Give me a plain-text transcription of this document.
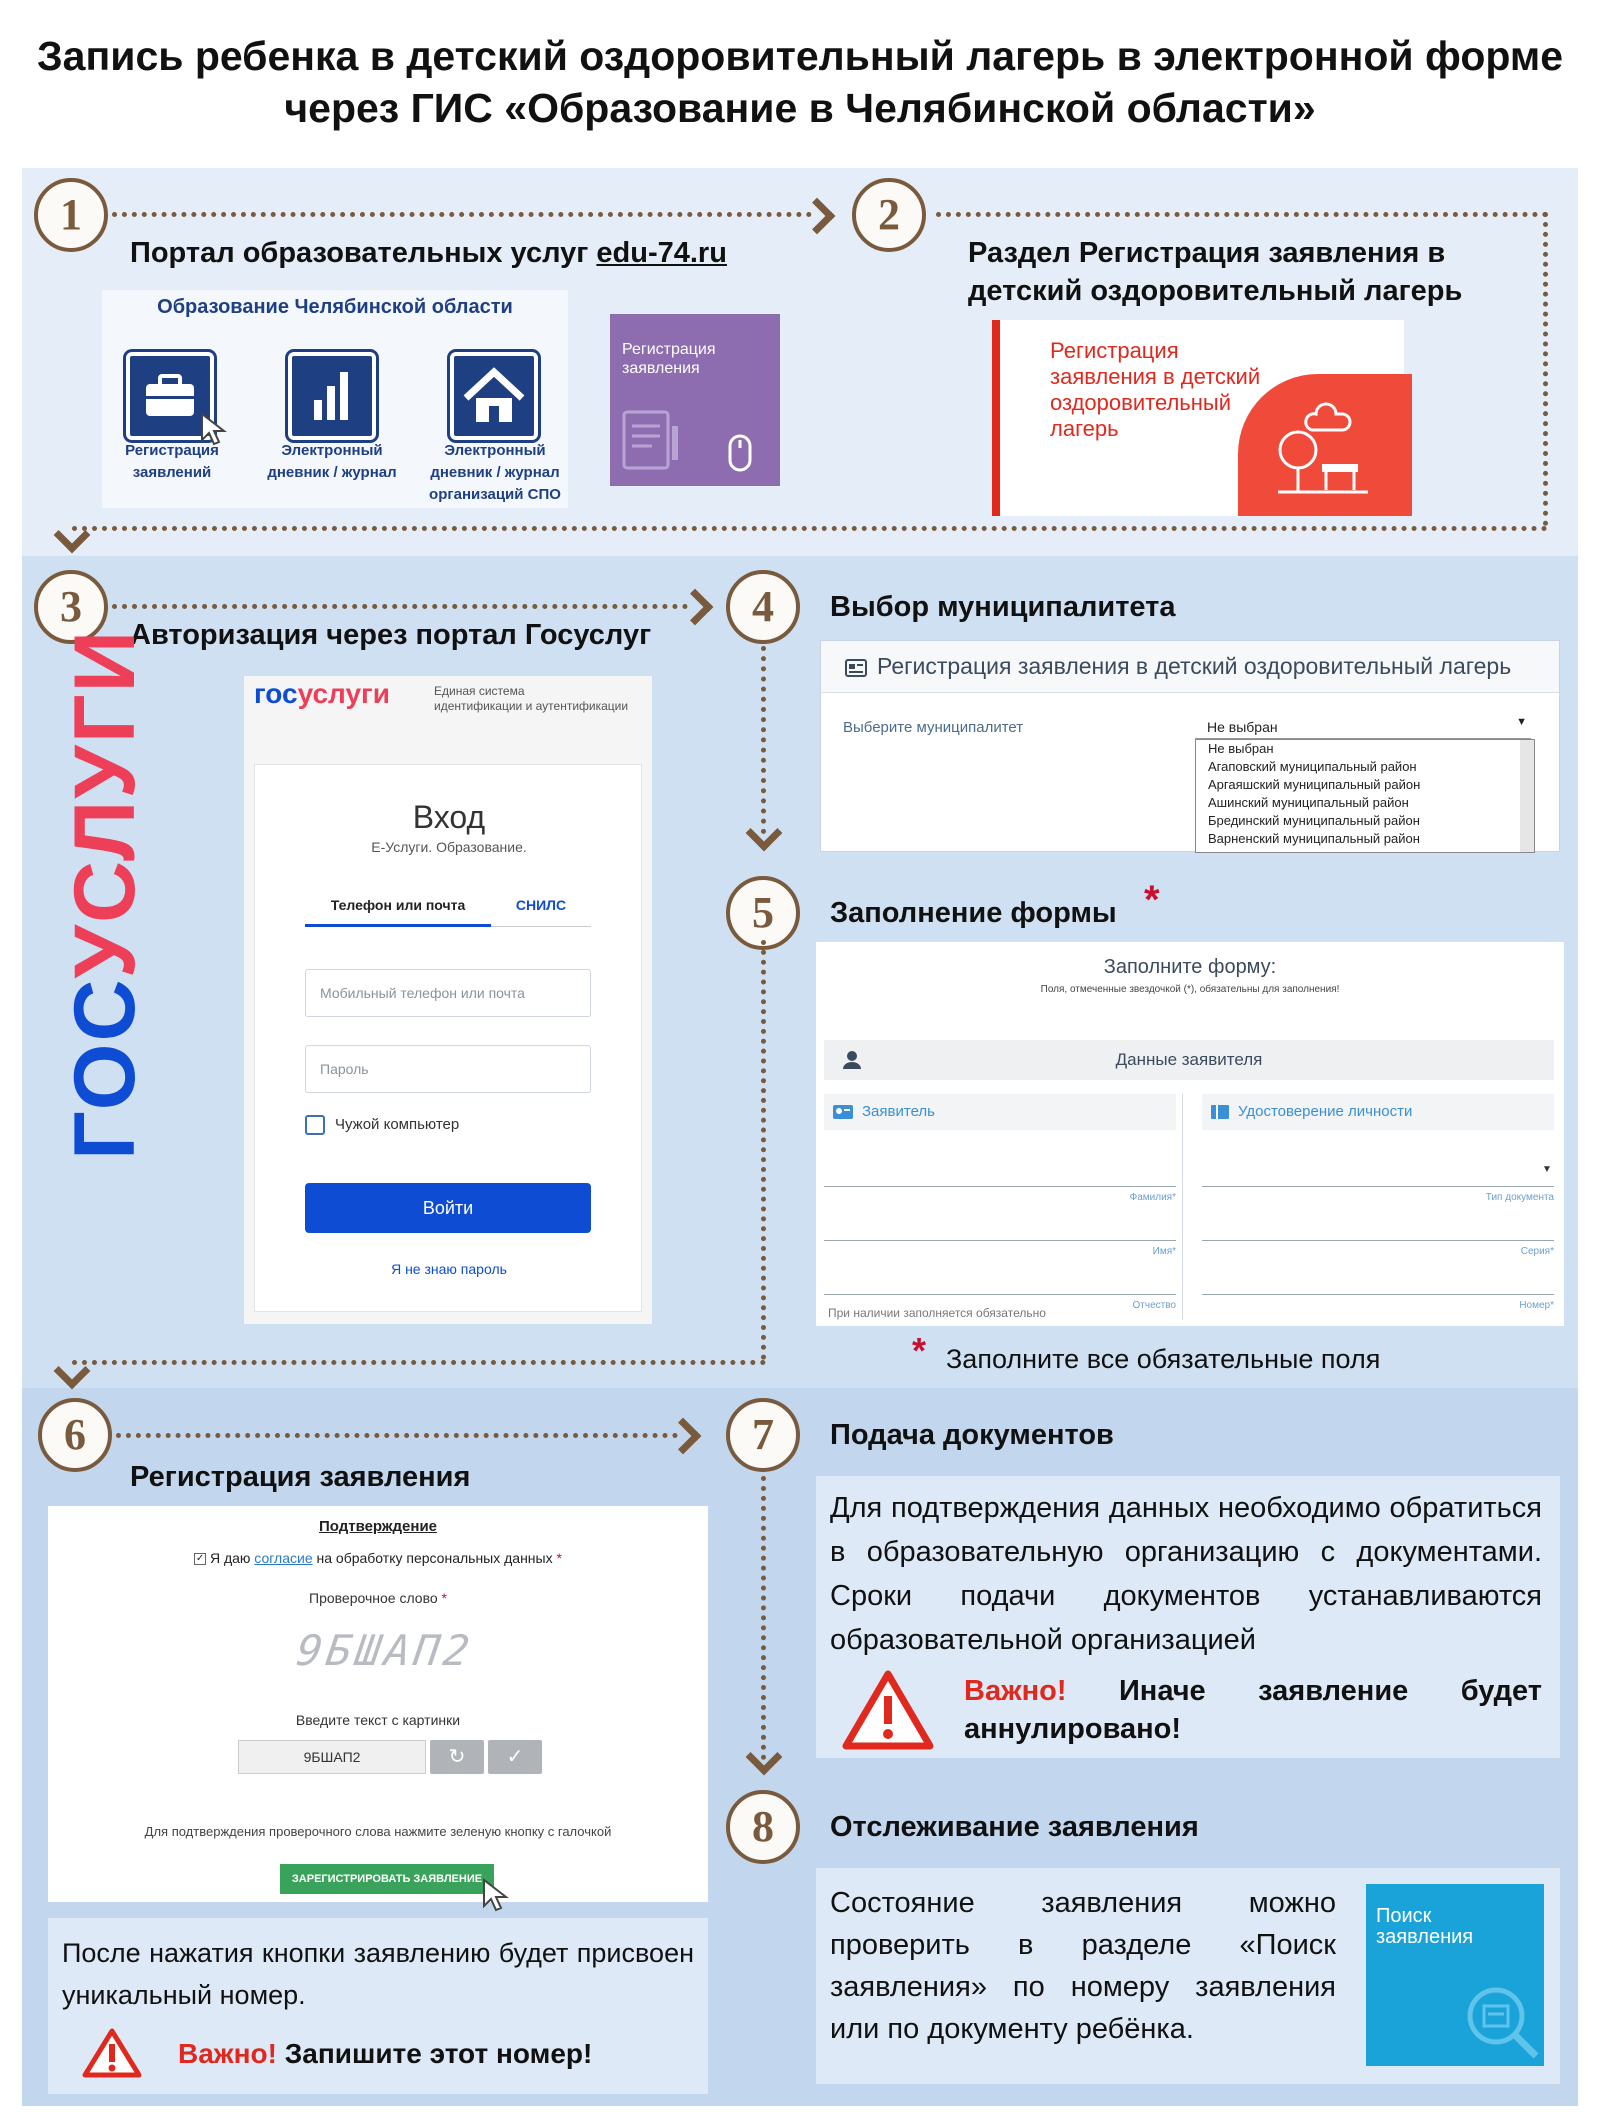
Запись ребенка в детский оздоровительный лагерь в электронной форме
через ГИС «Образование в Челябинской области»
1
Портал образовательных услуг edu-74.ru
Образование Челябинской области
Регистрация
заявлений
Электронный
дневник / журнал
Электронный
дневник / журнал
организаций СПО
Регистрация
заявления
2
Раздел Регистрация заявления в
детский оздоровительный лагерь
Регистрация
заявления в детский
оздоровительный
лагерь
3
Авторизация через портал Госуслуг
ГОСУСЛУГИ	госуслуги	Единая система
идентификации и аутентификации
Вход
Е-Услуги. Образование.
Телефон или почта	СНИЛС
Мобильный телефон или почта
Пароль
Чужой компьютер
Войти
Я не знаю пароль
4	Выбор муниципалитета
Регистрация заявления в детский оздоровительный лагерь
Выберите муниципалитет	Не выбран	▼
Не выбран
Агаповский муниципальный район
Аргаяшский муниципальный район
Ашинский муниципальный район
Брединский муниципальный район
Варненский муниципальный район
5	Заполнение формы *
Заполните форму:
Поля, отмеченные звездочкой (*), обязательны для заполнения!
Данные заявителя
Заявитель
Фамилия*
Имя*
Отчество
При наличии заполняется обязательно
Удостоверение личности
▼
Тип документа
Серия*
Номер*
* Заполните все обязательные поля
6
Регистрация заявления
Подтверждение
✓ Я даю согласие на обработку персональных данных *
Проверочное слово *
9БШАП2
Введите текст с картинки
9БШАП2	↻	✓
Для подтверждения проверочного слова нажмите зеленую кнопку с галочкой
ЗАРЕГИСТРИРОВАТЬ ЗАЯВЛЕНИЕ
После нажатия кнопки заявлению будет присвоен уникальный номер.
Важно! Запишите этот номер!
7	Подача документов
Для подтверждения данных необходимо обратиться в образовательную организацию с документами. Сроки подачи документов устанавливаются образовательной организацией
Важно! Иначе заявление будет аннулировано!
8	Отслеживание заявления
Состояние заявления можно проверить в разделе «Поиск заявления» по номеру заявления или по документу ребёнка.
Поиск
заявления
